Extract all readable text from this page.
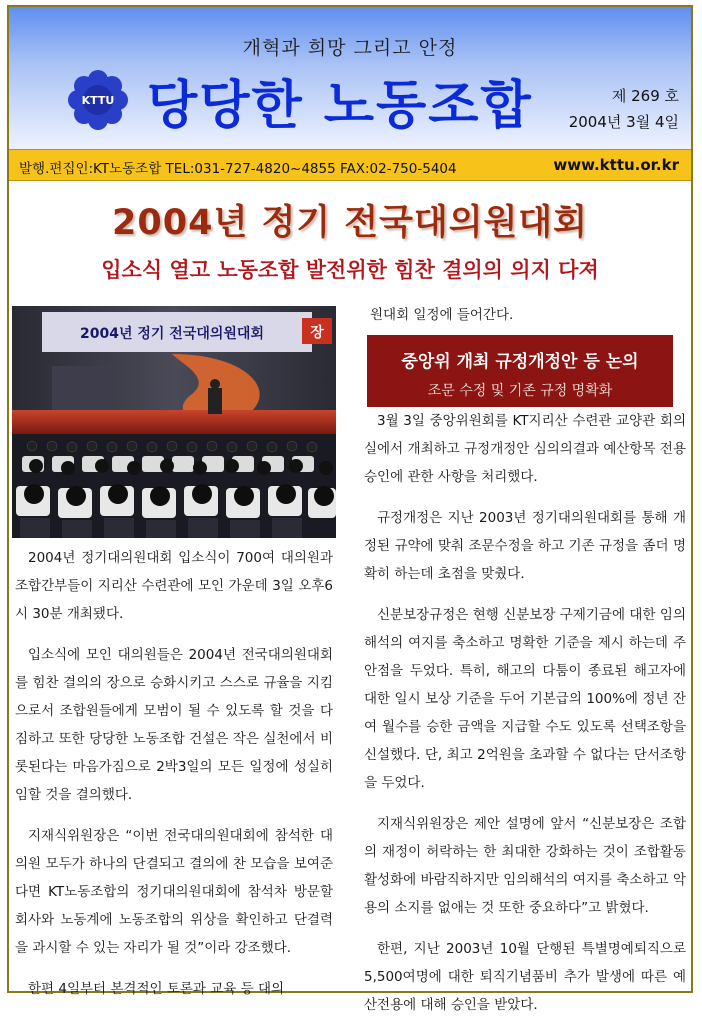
개혁과 희망 그리고 안정
KTTU 당당한 노동조합	제 269 호
2004년 3월 4일
발행.편집인:KT노동조합 TEL:031-727-4820~4855 FAX:02-750-5404	www.kttu.or.kr
2004년 정기 전국대의원대회
입소식 열고 노동조합 발전위한 힘찬 결의의 의지 다져
2004년 정기 전국대의원대회	장

2004년 정기대의원대회 입소식이 700여 대의원과 조합간부들이 지리산 수련관에 모인 가운데 3일 오후6시 30분 개최됐다.

입소식에 모인 대의원들은 2004년 전국대의원대회를 힘찬 결의의 장으로 승화시키고 스스로 규율을 지킴으로서 조합원들에게 모범이 될 수 있도록 할 것을 다짐하고 또한 당당한 노동조합 건설은 작은 실천에서 비롯된다는 마음가짐으로 2박3일의 모든 일정에 성실히 임할 것을 결의했다.

지재식위원장은 “이번 전국대의원대회에 참석한 대의원 모두가 하나의 단결되고 결의에 찬 모습을 보여준다면 KT노동조합의 정기대의원대회에 참석차 방문할 회사와 노동계에 노동조합의 위상을 확인하고 단결력을 과시할 수 있는 자리가 될 것”이라 강조했다.

한편 4일부터 본격적인 토론과 교육 등 대의

원대회 일정에 들어간다.
중앙위 개최 규정개정안 등 논의
조문 수정 및 기존 규정 명확화

3월 3일 중앙위원회를 KT지리산 수련관 교양관 회의실에서 개최하고 규정개정안 심의의결과 예산항목 전용 승인에 관한 사항을 처리했다.

규정개정은 지난 2003년 정기대의원대회를 통해 개정된 규약에 맞춰 조문수정을 하고 기존 규정을 좀더 명확히 하는데 초점을 맞췄다.

신분보장규정은 현행 신분보장 구제기금에 대한 임의해석의 여지를 축소하고 명확한 기준을 제시 하는데 주안점을 두었다. 특히, 해고의 다툼이 종료된 해고자에 대한 일시 보상 기준을 두어 기본급의 100%에 정년 잔여 월수를 승한 금액을 지급할 수도 있도록 선택조항을 신설했다. 단, 최고 2억원을 초과할 수 없다는 단서조항을 두었다.

지재식위원장은 제안 설명에 앞서 “신분보장은 조합의 재정이 허락하는 한 최대한 강화하는 것이 조합활동 활성화에 바람직하지만 임의해석의 여지를 축소하고 악용의 소지를 없애는 것 또한 중요하다”고 밝혔다.

한편, 지난 2003년 10월 단행된 특별명예퇴직으로 5,500여명에 대한 퇴직기념품비 추가 발생에 따른 예산전용에 대해 승인을 받았다.
